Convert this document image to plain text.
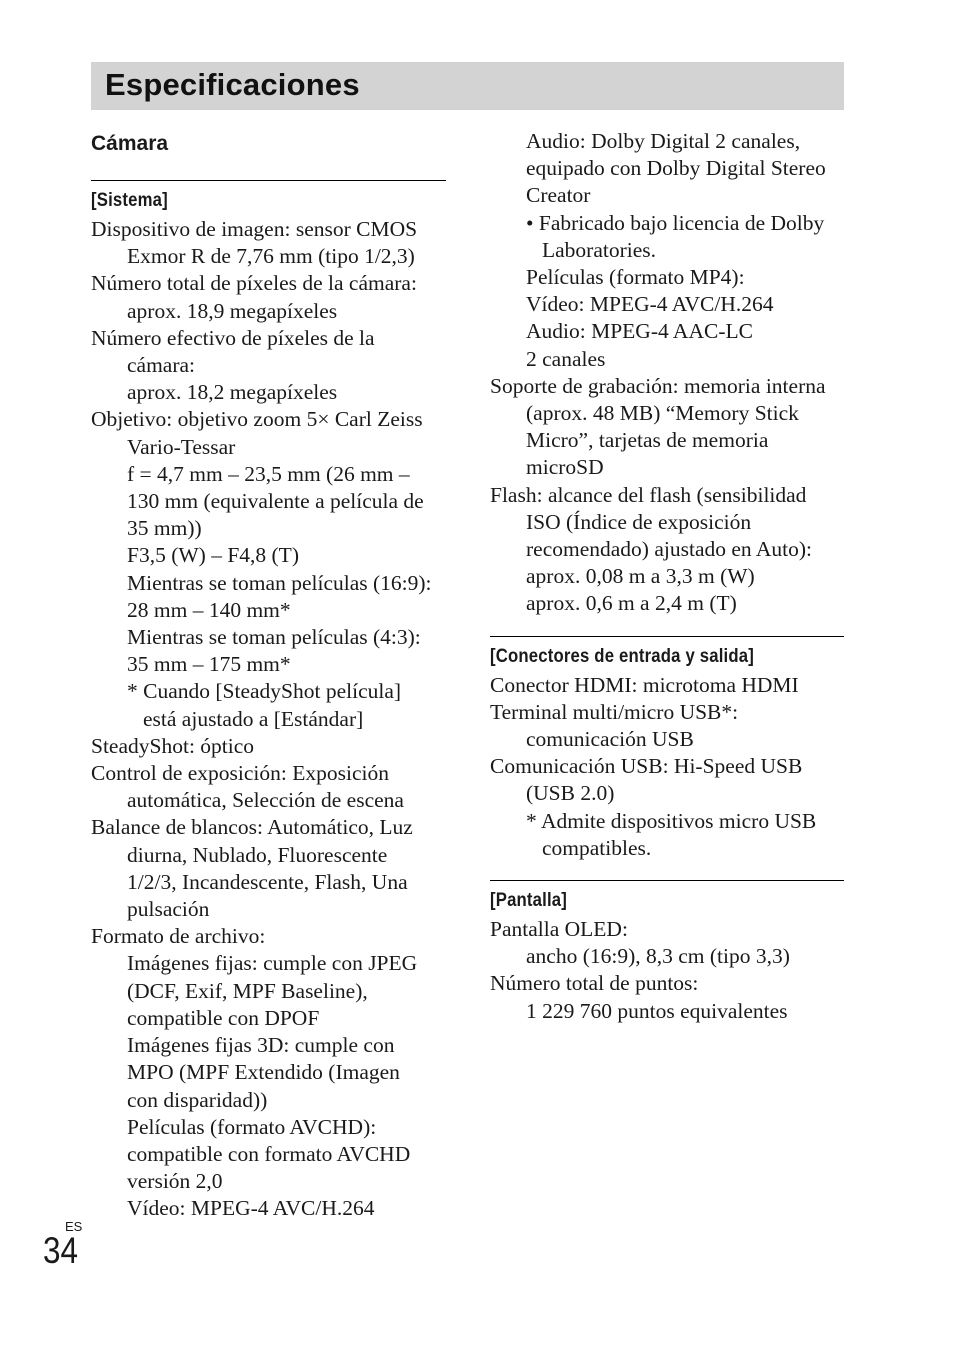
Especificaciones
Cámara
[Sistema]
Dispositivo de imagen: sensor CMOS
Exmor R de 7,76 mm (tipo 1/2,3)
Número total de píxeles de la cámara:
aprox. 18,9 megapíxeles
Número efectivo de píxeles de la
cámara:
aprox. 18,2 megapíxeles
Objetivo: objetivo zoom 5× Carl Zeiss
Vario-Tessar
f = 4,7 mm – 23,5 mm (26 mm –
130 mm (equivalente a película de
35 mm))
F3,5 (W) – F4,8 (T)
Mientras se toman películas (16:9):
28 mm – 140 mm*
Mientras se toman películas (4:3):
35 mm – 175 mm*
* Cuando [SteadyShot película]
está ajustado a [Estándar]
SteadyShot: óptico
Control de exposición: Exposición
automática, Selección de escena
Balance de blancos: Automático, Luz
diurna, Nublado, Fluorescente
1/2/3, Incandescente, Flash, Una
pulsación
Formato de archivo:
Imágenes fijas: cumple con JPEG
(DCF, Exif, MPF Baseline),
compatible con DPOF
Imágenes fijas 3D: cumple con
MPO (MPF Extendido (Imagen
con disparidad))
Películas (formato AVCHD):
compatible con formato AVCHD
versión 2,0
Vídeo: MPEG-4 AVC/H.264
Audio: Dolby Digital 2 canales,
equipado con Dolby Digital Stereo
Creator
• Fabricado bajo licencia de Dolby
Laboratories.
Películas (formato MP4):
Vídeo: MPEG-4 AVC/H.264
Audio: MPEG-4 AAC-LC
2 canales
Soporte de grabación: memoria interna
(aprox. 48 MB) “Memory Stick
Micro”, tarjetas de memoria
microSD
Flash: alcance del flash (sensibilidad
ISO (Índice de exposición
recomendado) ajustado en Auto):
aprox. 0,08 m a 3,3 m (W)
aprox. 0,6 m a 2,4 m (T)
[Conectores de entrada y salida]
Conector HDMI: microtoma HDMI
Terminal multi/micro USB*:
comunicación USB
Comunicación USB: Hi-Speed USB
(USB 2.0)
* Admite dispositivos micro USB
compatibles.
[Pantalla]
Pantalla OLED:
ancho (16:9), 8,3 cm (tipo 3,3)
Número total de puntos:
1 229 760 puntos equivalentes
ES
34
